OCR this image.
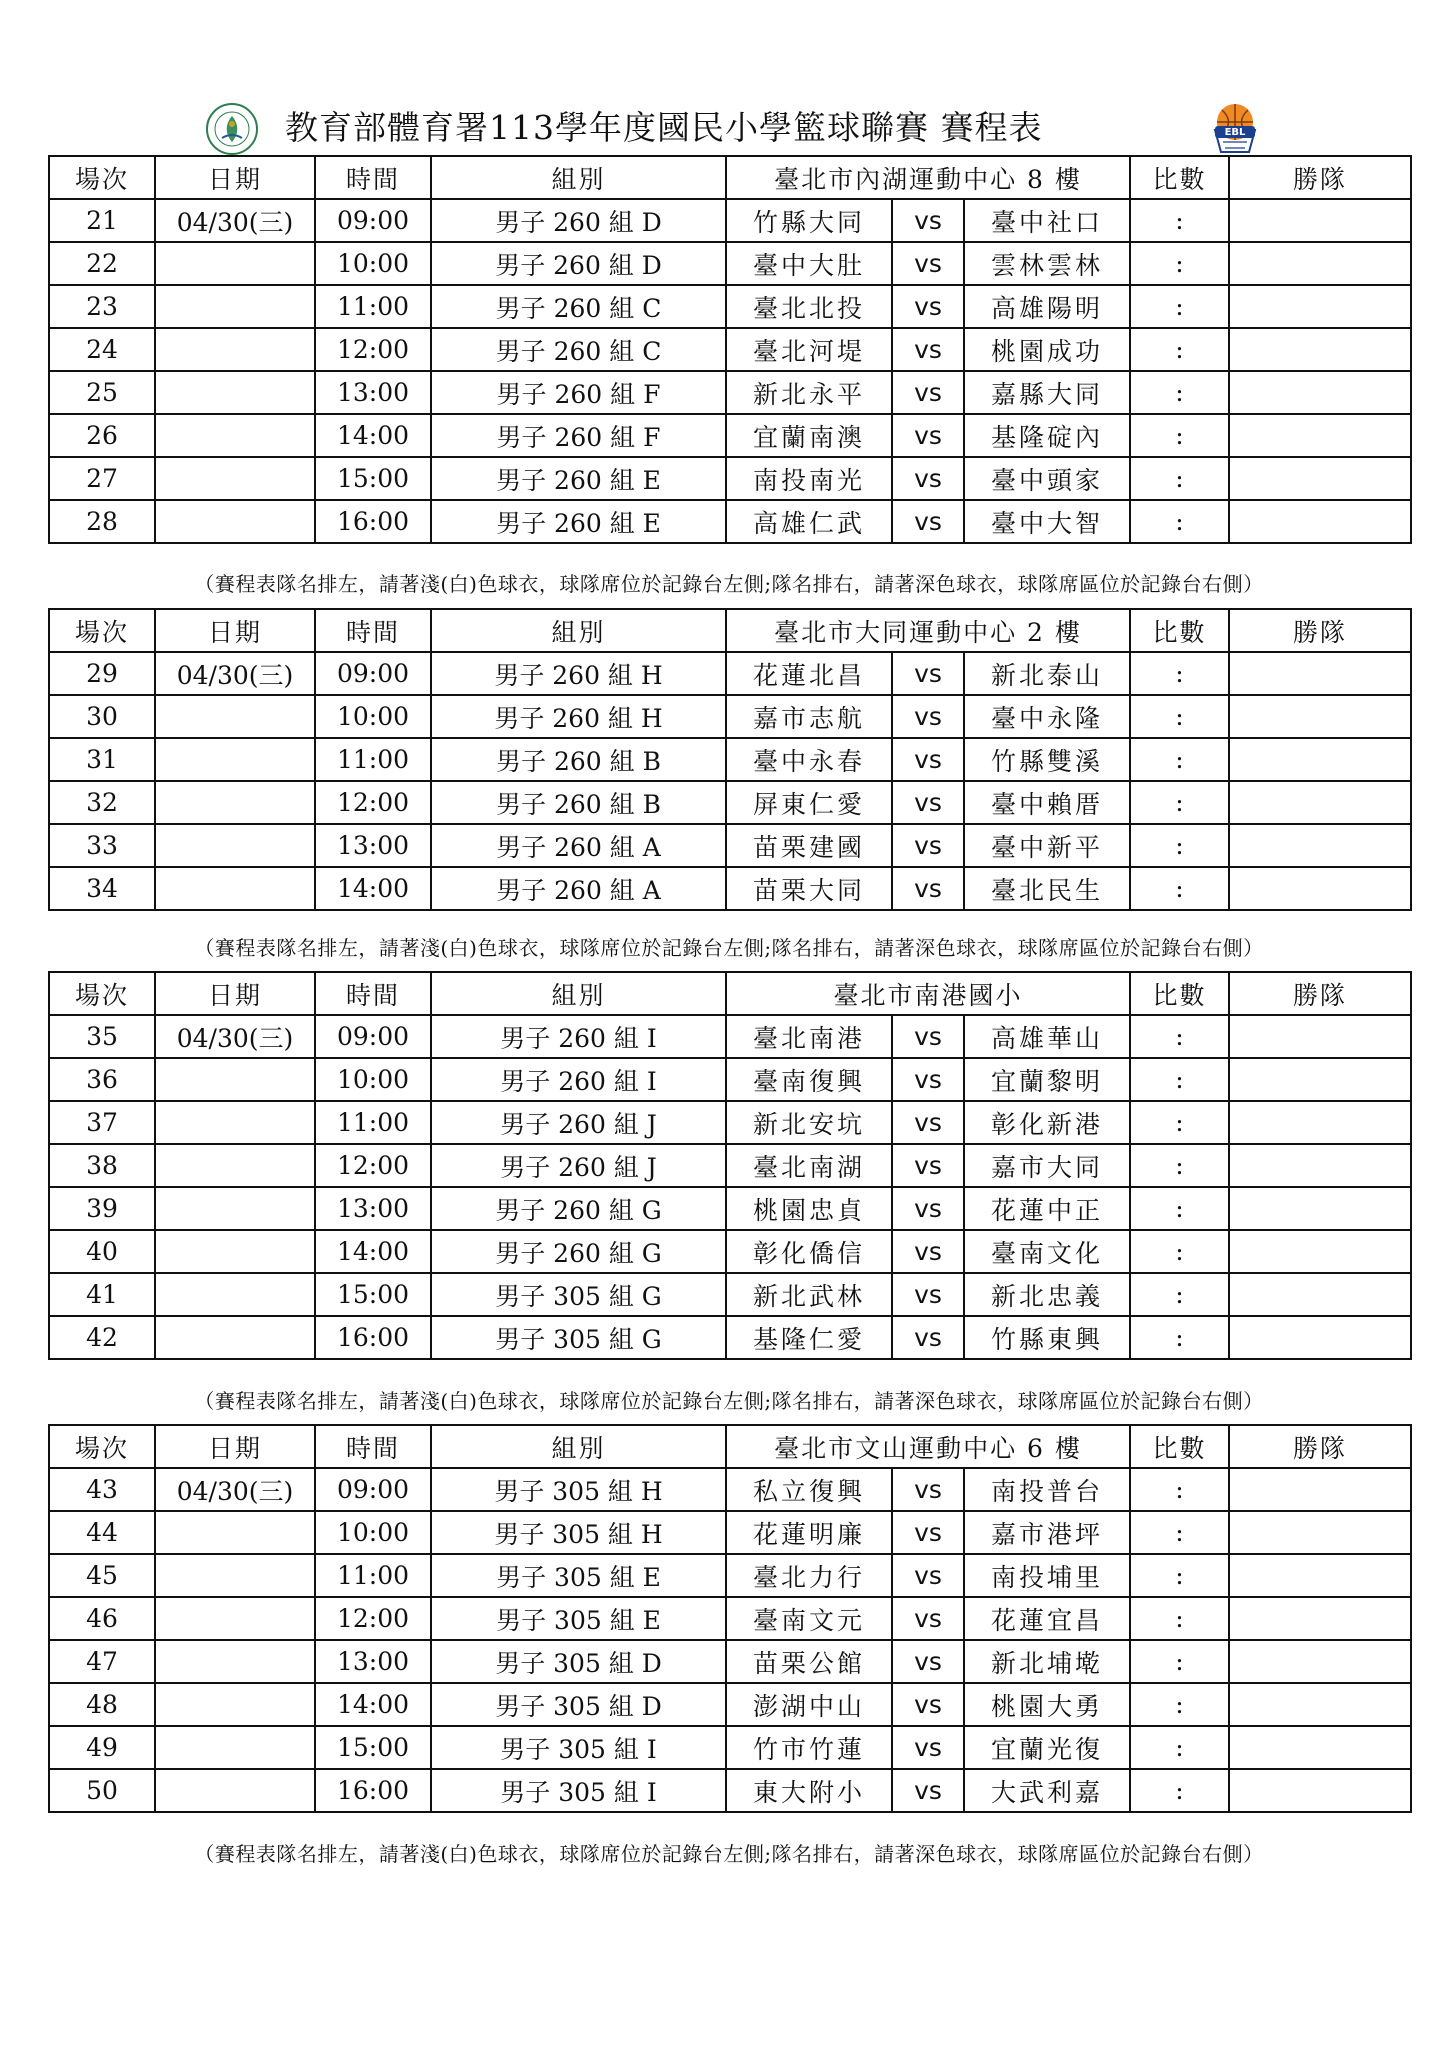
教育部體育署113學年度國民小學籃球聯賽 賽程表	EBL
場次	日期	時間	組別	臺北市內湖運動中心 8 樓			比數	勝隊
21	04/30(三)	09:00	男子 260 組 D	竹縣大同	vs	臺中社口	:	
22		10:00	男子 260 組 D	臺中大肚	vs	雲林雲林	:	
23		11:00	男子 260 組 C	臺北北投	vs	高雄陽明	:	
24		12:00	男子 260 組 C	臺北河堤	vs	桃園成功	:	
25		13:00	男子 260 組 F	新北永平	vs	嘉縣大同	:	
26		14:00	男子 260 組 F	宜蘭南澳	vs	基隆碇內	:	
27		15:00	男子 260 組 E	南投南光	vs	臺中頭家	:	
28		16:00	男子 260 組 E	高雄仁武	vs	臺中大智	:	
（賽程表隊名排左，請著淺(白)色球衣，球隊席位於記錄台左側;隊名排右，請著深色球衣，球隊席區位於記錄台右側）
場次	日期	時間	組別	臺北市大同運動中心 2 樓			比數	勝隊
29	04/30(三)	09:00	男子 260 組 H	花蓮北昌	vs	新北泰山	:	
30		10:00	男子 260 組 H	嘉市志航	vs	臺中永隆	:	
31		11:00	男子 260 組 B	臺中永春	vs	竹縣雙溪	:	
32		12:00	男子 260 組 B	屏東仁愛	vs	臺中賴厝	:	
33		13:00	男子 260 組 A	苗栗建國	vs	臺中新平	:	
34		14:00	男子 260 組 A	苗栗大同	vs	臺北民生	:	
（賽程表隊名排左，請著淺(白)色球衣，球隊席位於記錄台左側;隊名排右，請著深色球衣，球隊席區位於記錄台右側）
場次	日期	時間	組別	臺北市南港國小			比數	勝隊
35	04/30(三)	09:00	男子 260 組 I	臺北南港	vs	高雄華山	:	
36		10:00	男子 260 組 I	臺南復興	vs	宜蘭黎明	:	
37		11:00	男子 260 組 J	新北安坑	vs	彰化新港	:	
38		12:00	男子 260 組 J	臺北南湖	vs	嘉市大同	:	
39		13:00	男子 260 組 G	桃園忠貞	vs	花蓮中正	:	
40		14:00	男子 260 組 G	彰化僑信	vs	臺南文化	:	
41		15:00	男子 305 組 G	新北武林	vs	新北忠義	:	
42		16:00	男子 305 組 G	基隆仁愛	vs	竹縣東興	:	
（賽程表隊名排左，請著淺(白)色球衣，球隊席位於記錄台左側;隊名排右，請著深色球衣，球隊席區位於記錄台右側）
場次	日期	時間	組別	臺北市文山運動中心 6 樓			比數	勝隊
43	04/30(三)	09:00	男子 305 組 H	私立復興	vs	南投普台	:	
44		10:00	男子 305 組 H	花蓮明廉	vs	嘉市港坪	:	
45		11:00	男子 305 組 E	臺北力行	vs	南投埔里	:	
46		12:00	男子 305 組 E	臺南文元	vs	花蓮宜昌	:	
47		13:00	男子 305 組 D	苗栗公館	vs	新北埔墘	:	
48		14:00	男子 305 組 D	澎湖中山	vs	桃園大勇	:	
49		15:00	男子 305 組 I	竹市竹蓮	vs	宜蘭光復	:	
50		16:00	男子 305 組 I	東大附小	vs	大武利嘉	:	
（賽程表隊名排左，請著淺(白)色球衣，球隊席位於記錄台左側;隊名排右，請著深色球衣，球隊席區位於記錄台右側）
